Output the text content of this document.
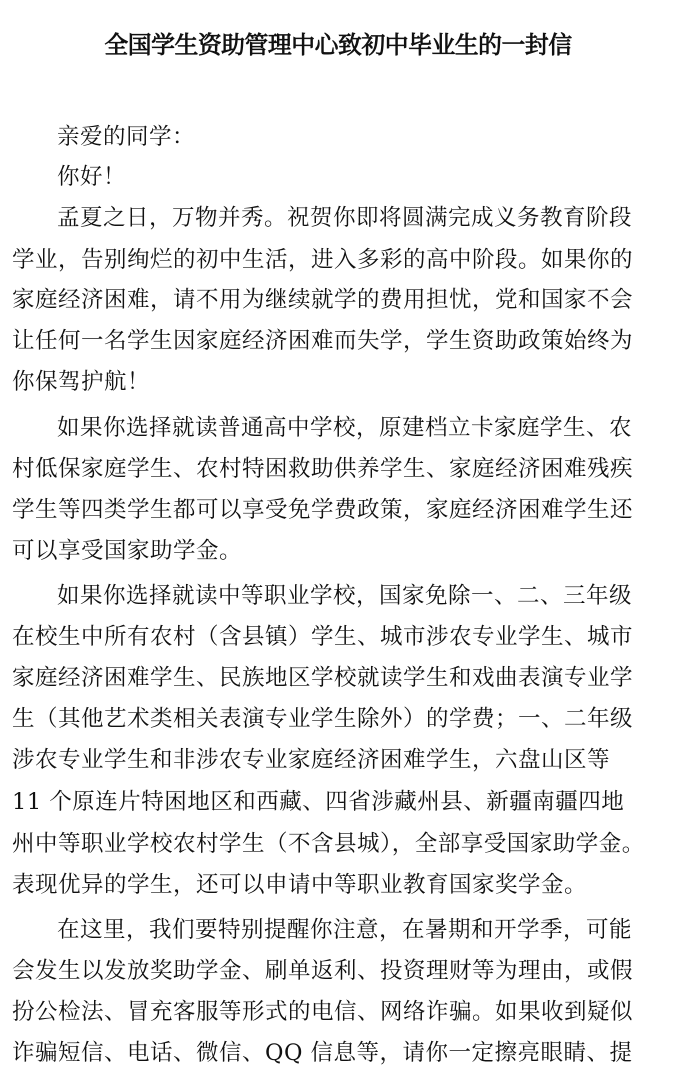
全国学生资助管理中心致初中毕业生的一封信
亲爱的同学：
你好！
孟夏之日，万物并秀。祝贺你即将圆满完成义务教育阶段
学业，告别绚烂的初中生活，进入多彩的高中阶段。如果你的
家庭经济困难，请不用为继续就学的费用担忧，党和国家不会
让任何一名学生因家庭经济困难而失学，学生资助政策始终为
你保驾护航！
如果你选择就读普通高中学校，原建档立卡家庭学生、农
村低保家庭学生、农村特困救助供养学生、家庭经济困难残疾
学生等四类学生都可以享受免学费政策，家庭经济困难学生还
可以享受国家助学金。
如果你选择就读中等职业学校，国家免除一、二、三年级
在校生中所有农村（含县镇）学生、城市涉农专业学生、城市
家庭经济困难学生、民族地区学校就读学生和戏曲表演专业学
生（其他艺术类相关表演专业学生除外）的学费；一、二年级
涉农专业学生和非涉农专业家庭经济困难学生，六盘山区等
11 个原连片特困地区和西藏、四省涉藏州县、新疆南疆四地
州中等职业学校农村学生（不含县城），全部享受国家助学金。
表现优异的学生，还可以申请中等职业教育国家奖学金。
在这里，我们要特别提醒你注意，在暑期和开学季，可能
会发生以发放奖助学金、刷单返利、投资理财等为理由，或假
扮公检法、冒充客服等形式的电信、网络诈骗。如果收到疑似
诈骗短信、电话、微信、QQ 信息等，请你一定擦亮眼睛、提
